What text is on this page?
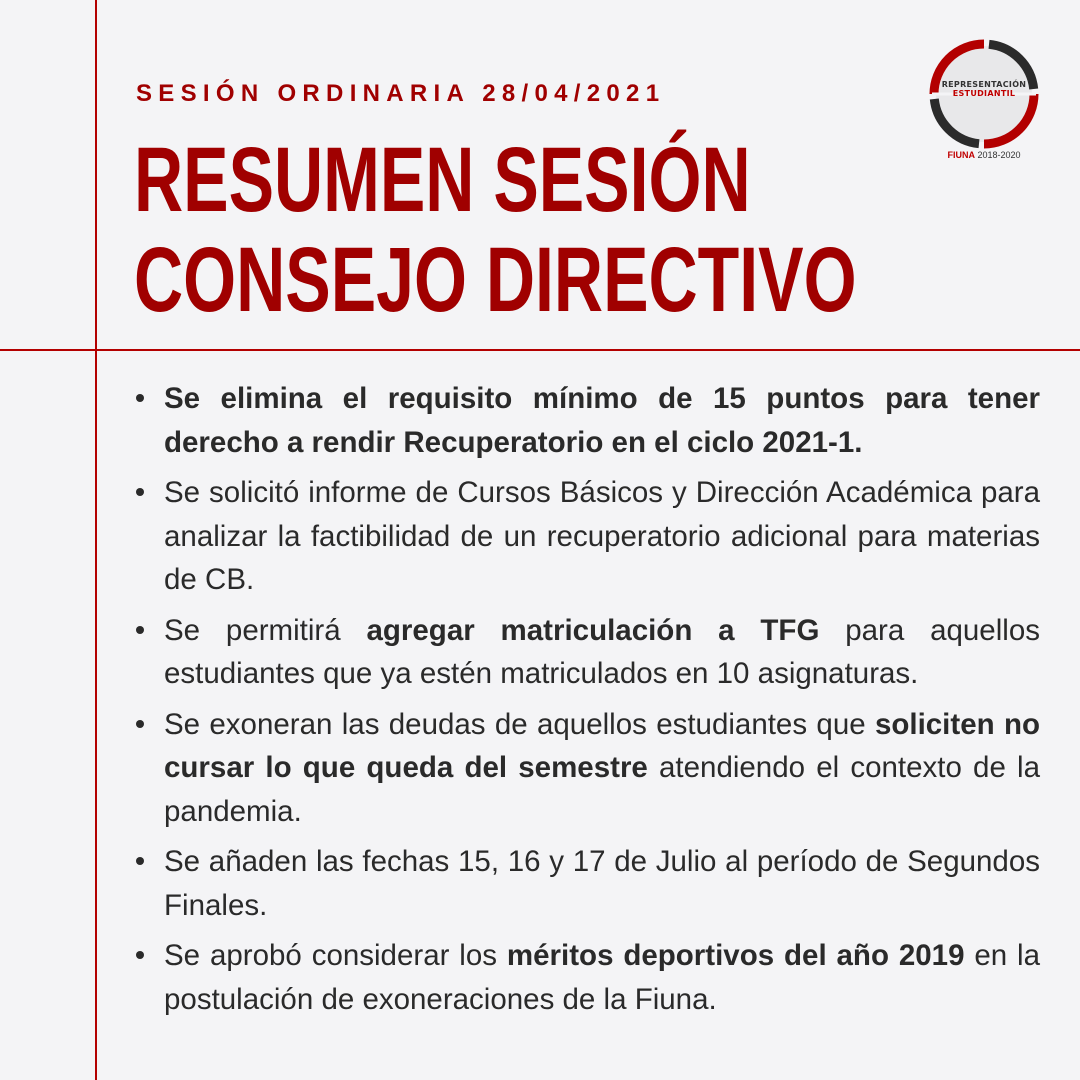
SESIÓN ORDINARIA 28/04/2021
RESUMEN SESIÓN
CONSEJO DIRECTIVO
REPRESENTACIÓN
ESTUDIANTIL
FIUNA 2018-2020
Se elimina el requisito mínimo de 15 puntos para tener derecho a rendir Recuperatorio en el ciclo 2021-1.
Se solicitó informe de Cursos Básicos y Dirección Académica para analizar la factibilidad de un recuperatorio adicional para materias de CB.
Se permitirá agregar matriculación a TFG para aquellos estudiantes que ya estén matriculados en 10 asignaturas.
Se exoneran las deudas de aquellos estudiantes que soliciten no cursar lo que queda del semestre atendiendo el contexto de la pandemia.
Se añaden las fechas 15, 16 y 17 de Julio al período de Segundos Finales.
Se aprobó considerar los méritos deportivos del año 2019 en la postulación de exoneraciones de la Fiuna.
